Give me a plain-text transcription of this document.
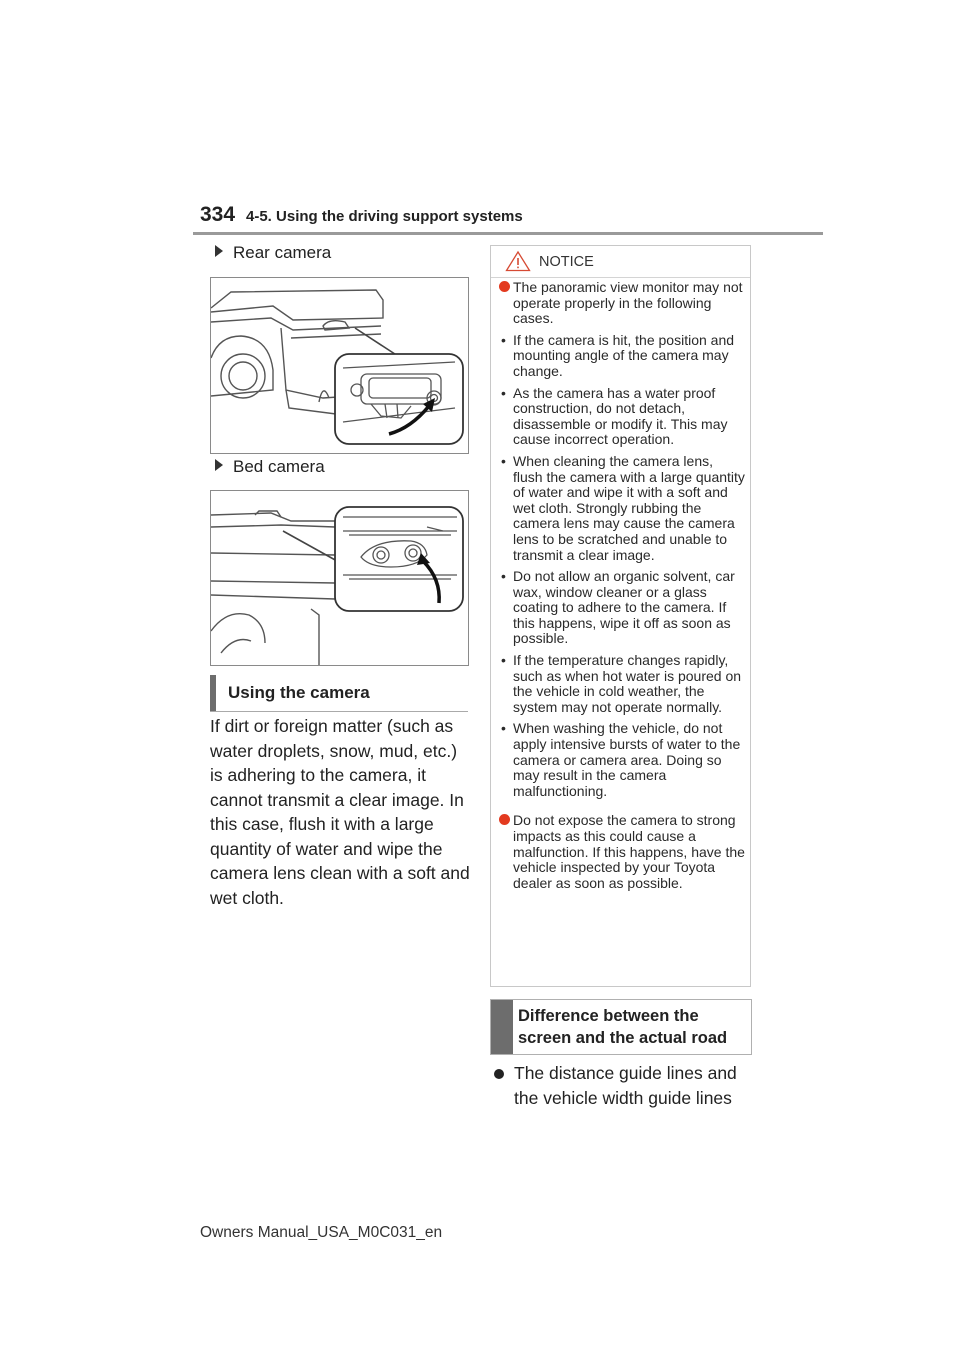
334 4-5. Using the driving support systems
Rear camera
Bed camera
Using the camera
If dirt or foreign matter (such as water droplets, snow, mud, etc.) is adhering to the camera, it cannot transmit a clear image. In this case, flush it with a large quantity of water and wipe the camera lens clean with a soft and wet cloth.
NOTICE
The panoramic view monitor may not operate properly in the following cases.
• If the camera is hit, the position and mounting angle of the camera may change.
• As the camera has a water proof construction, do not detach, disassemble or modify it. This may cause incorrect operation.
• When cleaning the camera lens, flush the camera with a large quantity of water and wipe it with a soft and wet cloth. Strongly rubbing the camera lens may cause the camera lens to be scratched and unable to transmit a clear image.
• Do not allow an organic solvent, car wax, window cleaner or a glass coating to adhere to the camera. If this happens, wipe it off as soon as possible.
• If the temperature changes rapidly, such as when hot water is poured on the vehicle in cold weather, the system may not operate normally.
• When washing the vehicle, do not apply intensive bursts of water to the camera or camera area. Doing so may result in the camera malfunctioning.
Do not expose the camera to strong impacts as this could cause a malfunction. If this happens, have the vehicle inspected by your Toyota dealer as soon as possible.
Difference between the screen and the actual road
The distance guide lines and the vehicle width guide lines
Owners Manual_USA_M0C031_en
